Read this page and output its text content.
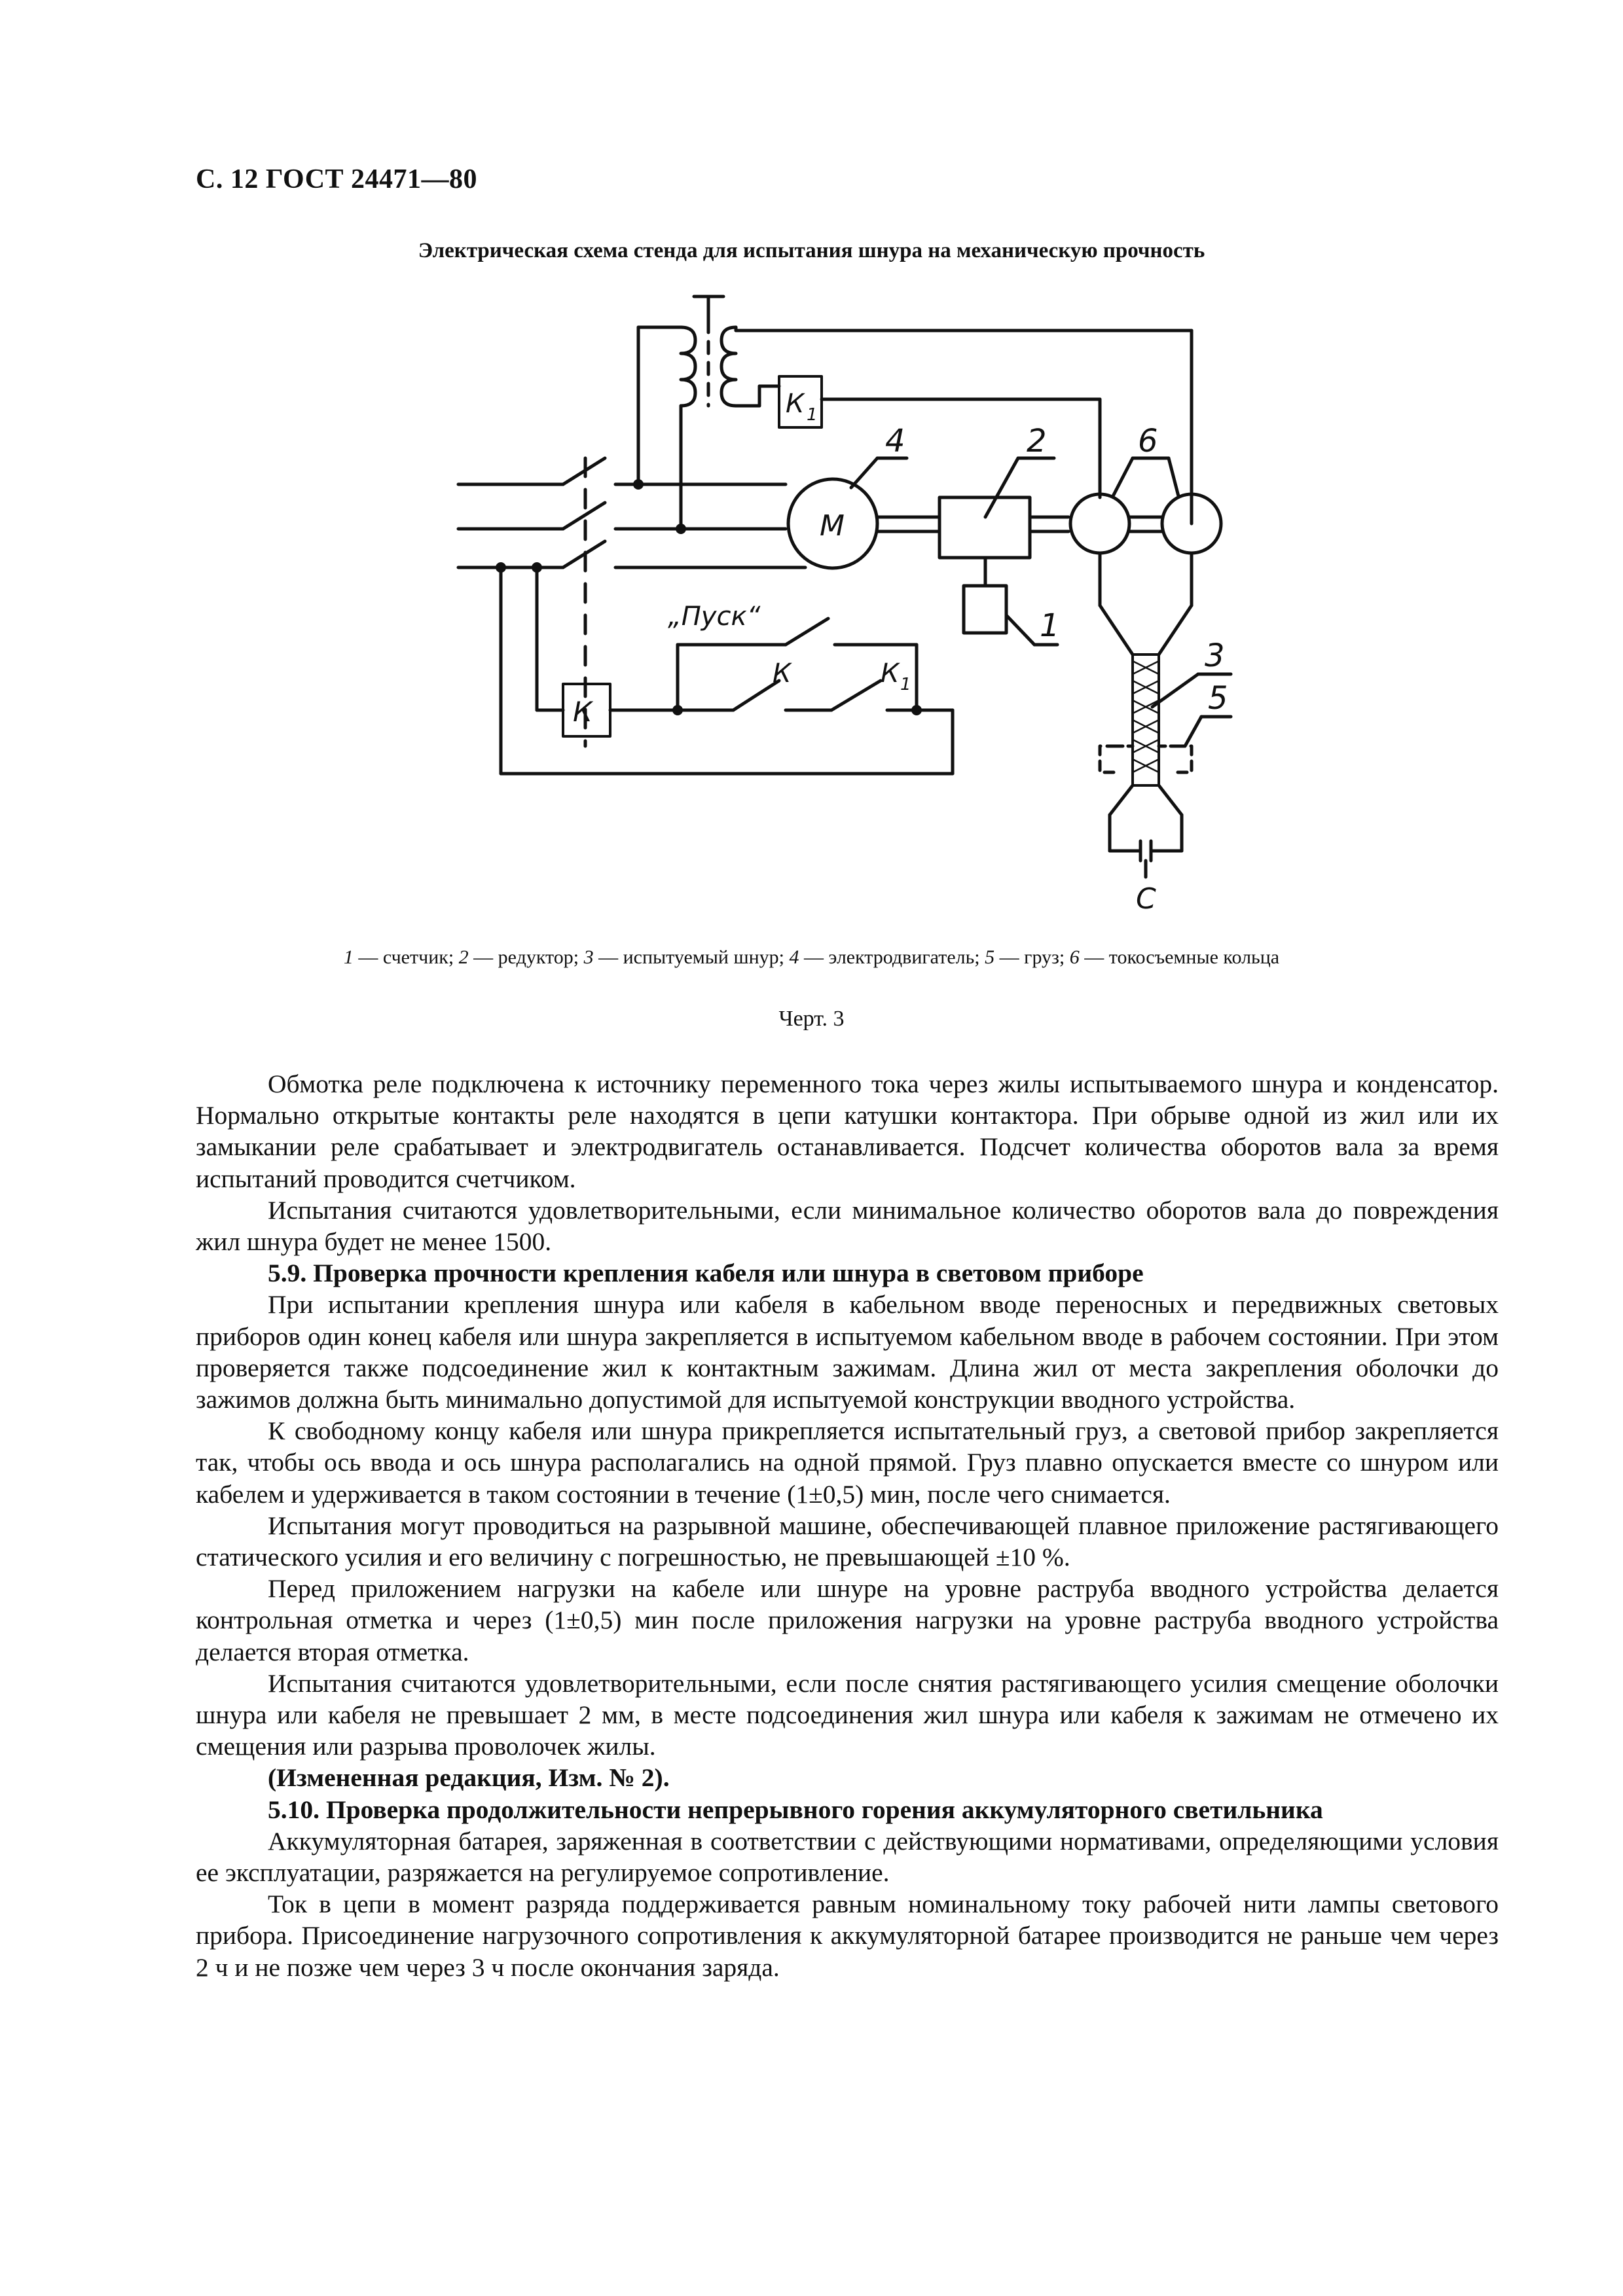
С. 12 ГОСТ 24471—80
Электрическая схема стенда для испытания шнура на механическую прочность
К 1
М
4	2
1
6
3
5
С
К
К	К 1
„Пуск“
1 — счетчик; 2 — редуктор; 3 — испытуемый шнур; 4 — электродвигатель; 5 — груз; 6 — токосъемные кольца
Черт. 3

Обмотка реле подключена к источнику переменного тока через жилы испытываемого шнура и конденсатор. Нормально открытые контакты реле находятся в цепи катушки контактора. При обрыве одной из жил или их замыкании реле срабатывает и электродвигатель останавливается. Подсчет количества оборотов вала за время испытаний проводится счетчиком.

Испытания считаются удовлетворительными, если минимальное количество оборотов вала до повреждения жил шнура будет не менее 1500.

5.9. Проверка прочности крепления кабеля или шнура в световом приборе

При испытании крепления шнура или кабеля в кабельном вводе переносных и передвижных световых приборов один конец кабеля или шнура закрепляется в испытуемом кабельном вводе в рабочем состоянии. При этом проверяется также подсоединение жил к контактным зажимам. Длина жил от места закрепления оболочки до зажимов должна быть минимально допустимой для испытуемой конструкции вводного устройства.

К свободному концу кабеля или шнура прикрепляется испытательный груз, а световой прибор закрепляется так, чтобы ось ввода и ось шнура располагались на одной прямой. Груз плавно опускается вместе со шнуром или кабелем и удерживается в таком состоянии в течение (1±0,5) мин, после чего снимается.

Испытания могут проводиться на разрывной машине, обеспечивающей плавное приложение растягивающего статического усилия и его величину с погрешностью, не превышающей ±10 %.

Перед приложением нагрузки на кабеле или шнуре на уровне раструба вводного устройства делается контрольная отметка и через (1±0,5) мин после приложения нагрузки на уровне раструба вводного устройства делается вторая отметка.

Испытания считаются удовлетворительными, если после снятия растягивающего усилия смещение оболочки шнура или кабеля не превышает 2 мм, в месте подсоединения жил шнура или кабеля к зажимам не отмечено их смещения или разрыва проволочек жилы.

(Измененная редакция, Изм. № 2).

5.10. Проверка продолжительности непрерывного горения аккумуляторного светильника

Аккумуляторная батарея, заряженная в соответствии с действующими нормативами, определяющими условия ее эксплуатации, разряжается на регулируемое сопротивление.

Ток в цепи в момент разряда поддерживается равным номинальному току рабочей нити лампы светового прибора. Присоединение нагрузочного сопротивления к аккумуляторной батарее производится не раньше чем через 2 ч и не позже чем через 3 ч после окончания заряда.
